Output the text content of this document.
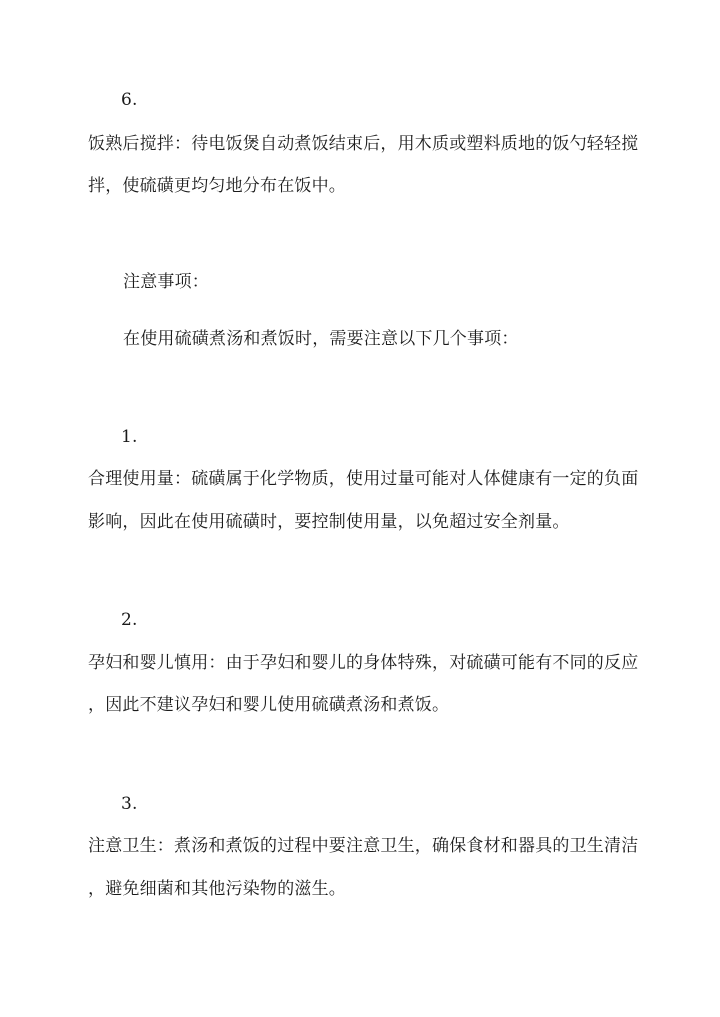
6.
饭熟后搅拌：待电饭煲自动煮饭结束后，用木质或塑料质地的饭勺轻轻搅
拌，使硫磺更均匀地分布在饭中。
注意事项：
在使用硫磺煮汤和煮饭时，需要注意以下几个事项：
1.
合理使用量：硫磺属于化学物质，使用过量可能对人体健康有一定的负面
影响，因此在使用硫磺时，要控制使用量，以免超过安全剂量。
2.
孕妇和婴儿慎用：由于孕妇和婴儿的身体特殊，对硫磺可能有不同的反应
，因此不建议孕妇和婴儿使用硫磺煮汤和煮饭。
3.
注意卫生：煮汤和煮饭的过程中要注意卫生，确保食材和器具的卫生清洁
，避免细菌和其他污染物的滋生。
